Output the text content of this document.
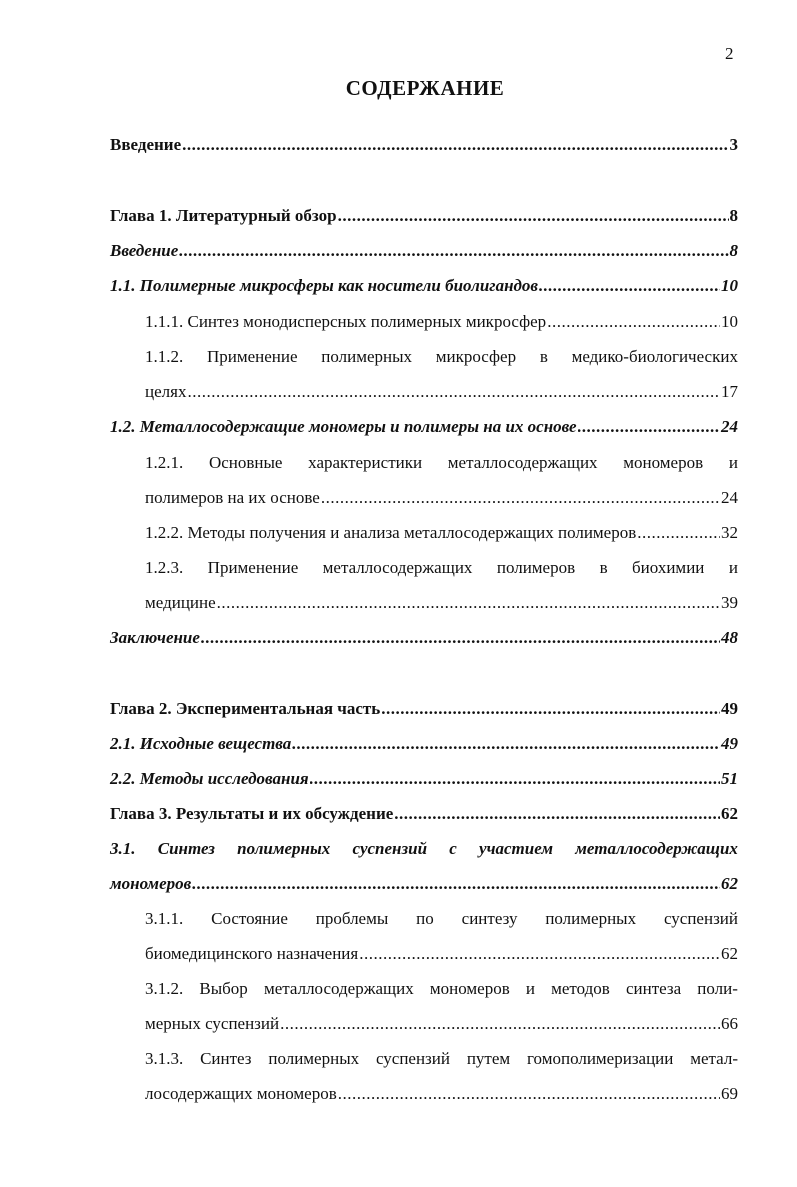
2
СОДЕРЖАНИЕ
Введение .....	3
Глава 1. Литературный обзор .....	8
Введение .....	8
1.1. Полимерные микросферы как носители биолигандов .....	10
1.1.1. Синтез монодисперсных полимерных микросфер .....	10
1.1.2. Применение полимерных микросфер в медико-биологических
целях .....	17
1.2. Металлосодержащие мономеры и полимеры на их основе .....	24
1.2.1. Основные характеристики металлосодержащих мономеров и
полимеров на их основе .....	24
1.2.2. Методы получения и анализа металлосодержащих полимеров .....	32
1.2.3. Применение металлосодержащих полимеров в биохимии и
медицине .....	39
Заключение .....	48
Глава 2. Экспериментальная часть .....	49
2.1. Исходные вещества .....	49
2.2. Методы исследования .....	51
Глава 3. Результаты и их обсуждение .....	62
3.1. Синтез полимерных суспензий с участием металлосодержащих
мономеров .....	62
3.1.1. Состояние проблемы по синтезу полимерных суспензий
биомедицинского назначения .....	62
3.1.2. Выбор металлосодержащих мономеров и методов синтеза поли-
мерных суспензий .....	66
3.1.3. Синтез полимерных суспензий путем гомополимеризации метал-
лосодержащих мономеров .....	69
